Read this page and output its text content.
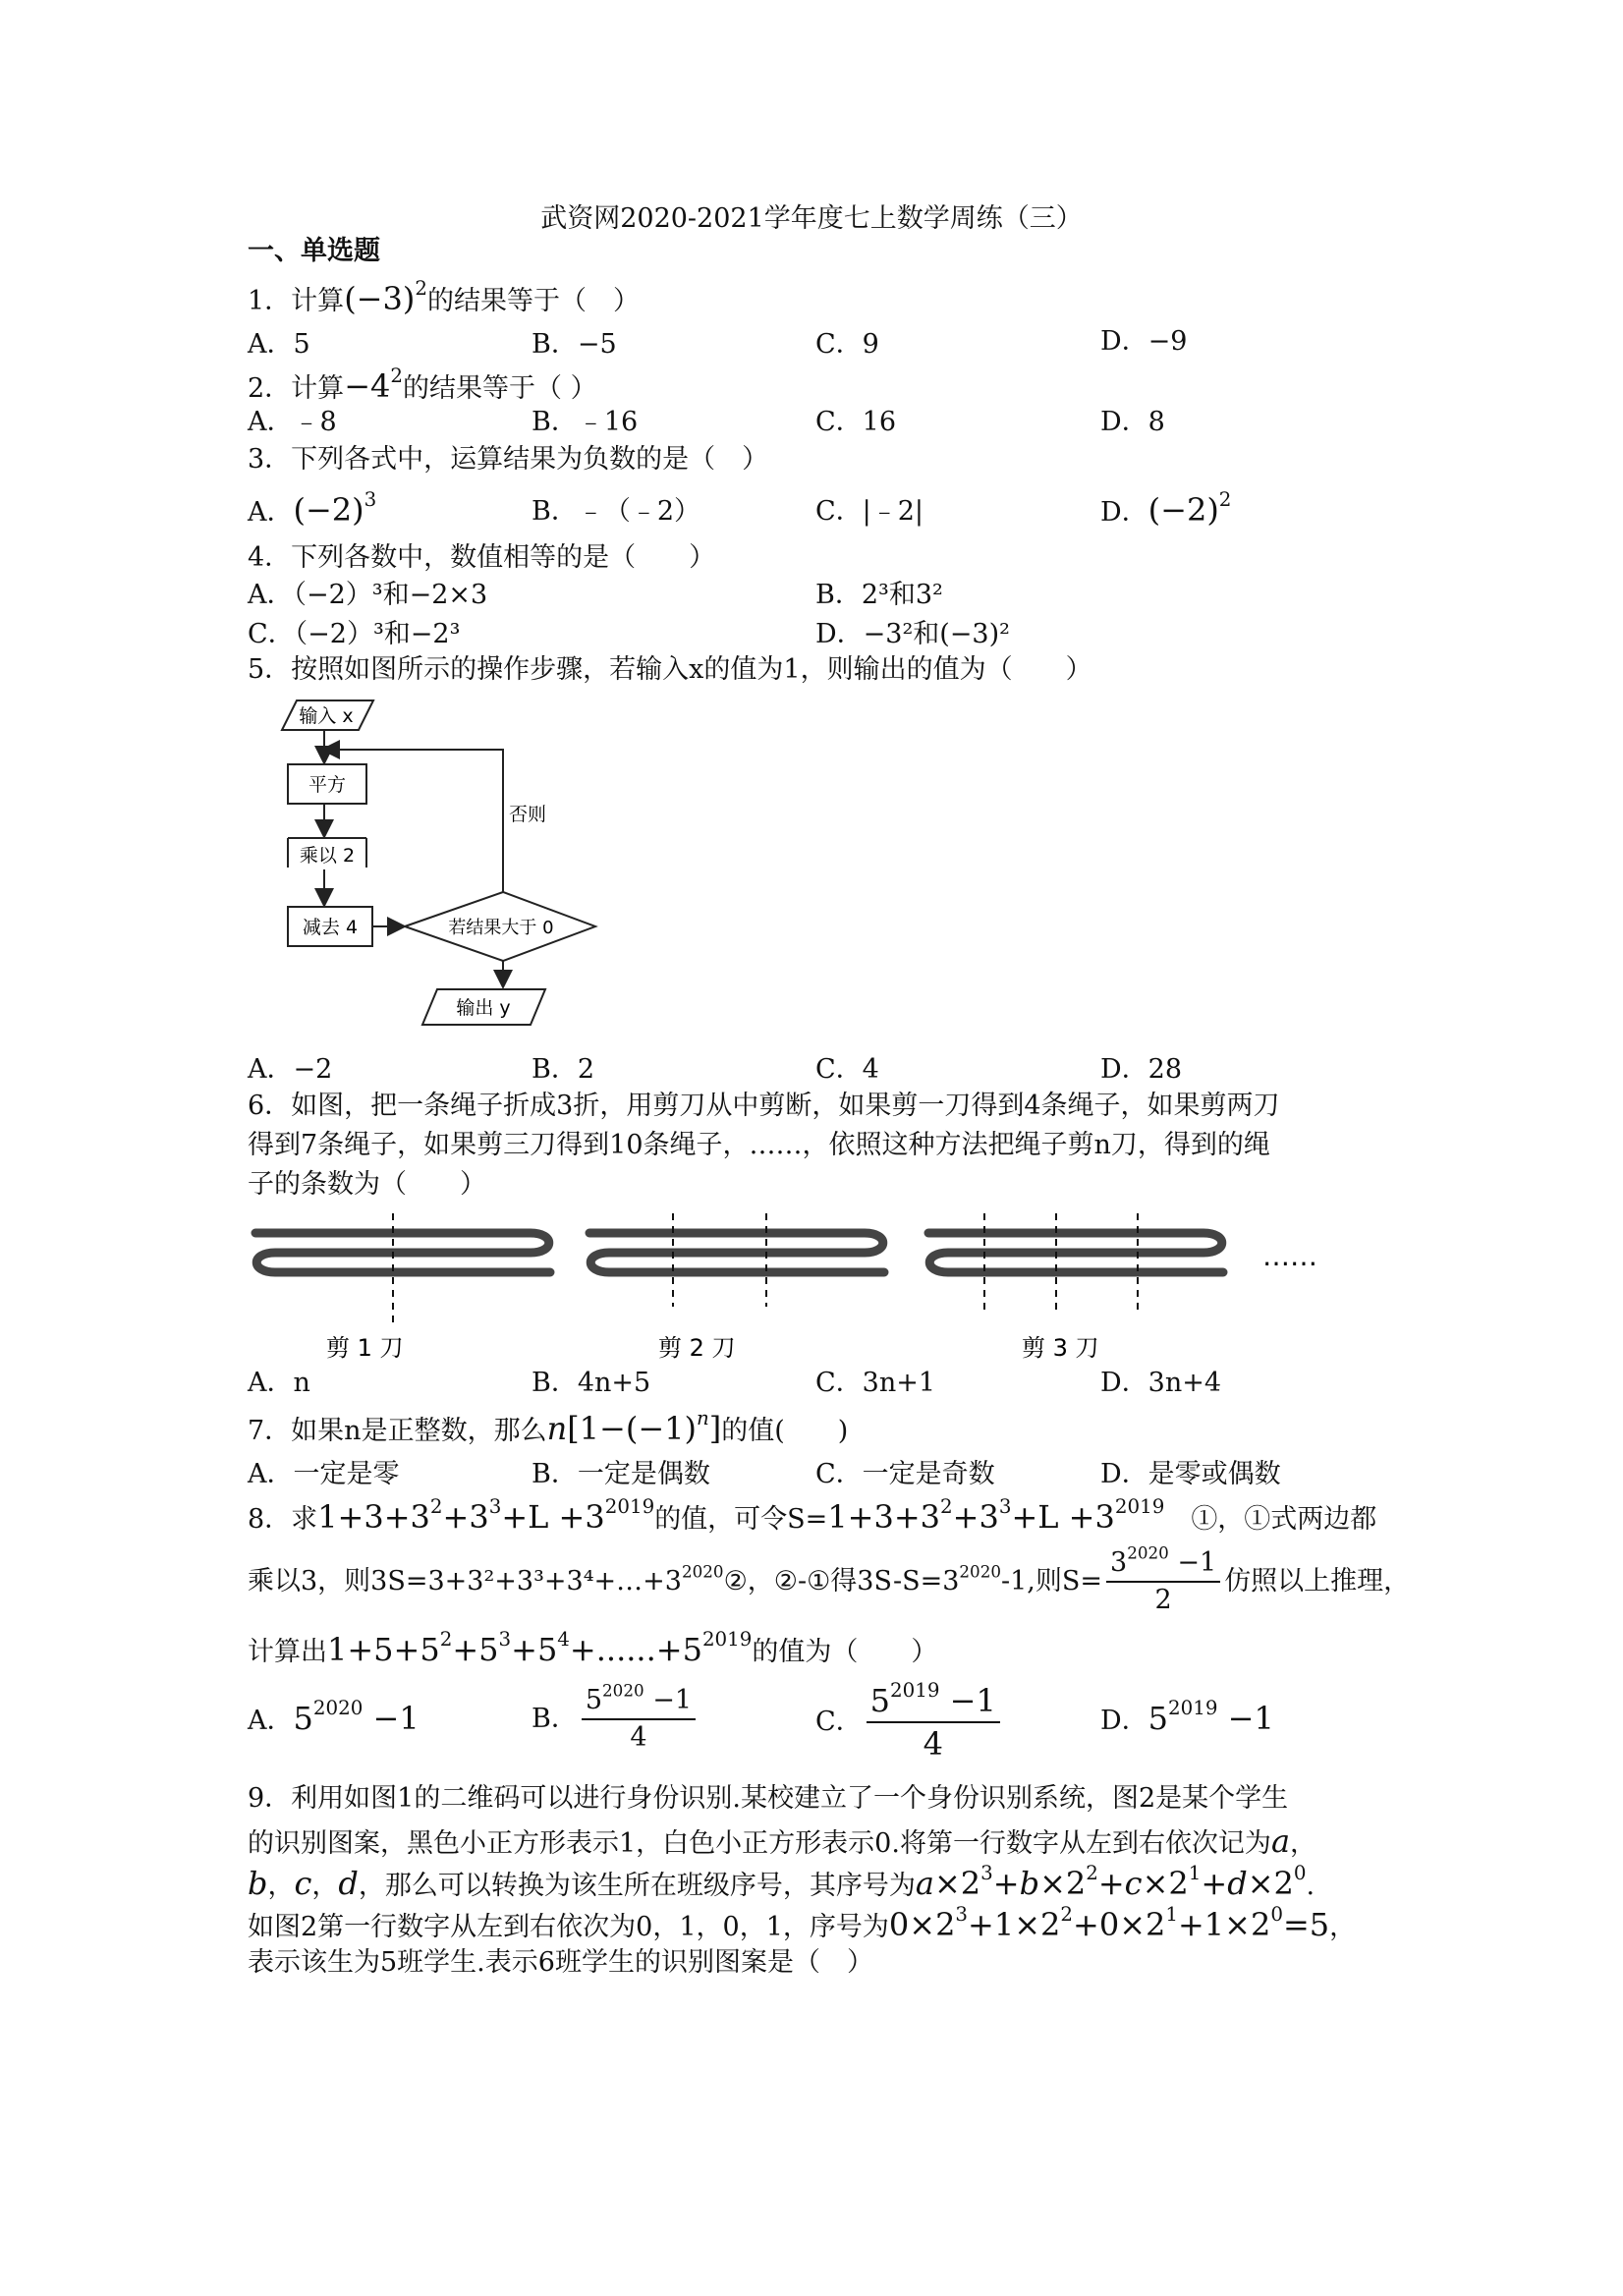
武资网2020-2021学年度七上数学周练（三）
一、单选题
1．计算$(-3)^2$的结果等于（　）
A．5	B．−5	C．9	D．−9
2．计算$-4^2$的结果等于（ ）
A．﹣8	B．﹣16	C．16	D．8
3．下列各式中，运算结果为负数的是（　）
A．$(-2)^3$	B．﹣（﹣2）	C．|﹣2|	D．$(-2)^2$
4．下列各数中，数值相等的是（　　）
A．（−2）³和−2×3	B．2³和3²
C．（−2）³和−2³	D．−3²和(−3)²
5．按照如图所示的操作步骤，若输入x的值为1，则输出的值为（　　）
输入 x
平方
乘以 2
减去 4	若结果大于 0
否则
输出 y
A．−2	B．2	C．4	D．28
6．如图，把一条绳子折成3折，用剪刀从中剪断，如果剪一刀得到4条绳子，如果剪两刀
得到7条绳子，如果剪三刀得到10条绳子，……，依照这种方法把绳子剪n刀，得到的绳
子的条数为（　　）
……
剪 1 刀	剪 2 刀	剪 3 刀
A．n	B．4n+5	C．3n+1	D．3n+4
7．如果n是正整数，那么$n[1-(-1)^n]$的值(　　)
A．一定是零	B．一定是偶数	C．一定是奇数	D．是零或偶数
8．求$1+3+3^2+3^3+L +3^{2019}$的值，可令$S=1+3+3^2+3^3+L +3^{2019}$　 ①，①式两边都
乘以3，则$3S=3+3^2+3^3+3^4+\dots+3^{2020}②$，②-①得$3S-S=3^{2020}-1$,则$S= \frac{3^{2020} -1}{2}$ 仿照以上推理，
计算出$1+5+5^2+5^3+5^4+......+5^{2019}$的值为（　　）
A．$5^{2020} -1$	B． $\frac{5^{2020} -1}{4}$	C． $\frac{5^{2019} -1}{4}$	D．$5^{2019} -1$
9．利用如图1的二维码可以进行身份识别.某校建立了一个身份识别系统，图2是某个学生
的识别图案，黑色小正方形表示1，白色小正方形表示0.将第一行数字从左到右依次记为a，
b，c，d，那么可以转换为该生所在班级序号，其序号为$a\times 2^3+b\times 2^2+c\times 2^1+d\times 2^0$.
如图2第一行数字从左到右依次为0，1，0，1，序号为$0\times 2^3+1\times 2^2+0\times 2^1+1\times 2^0=5$，
表示该生为5班学生.表示6班学生的识别图案是（　）
